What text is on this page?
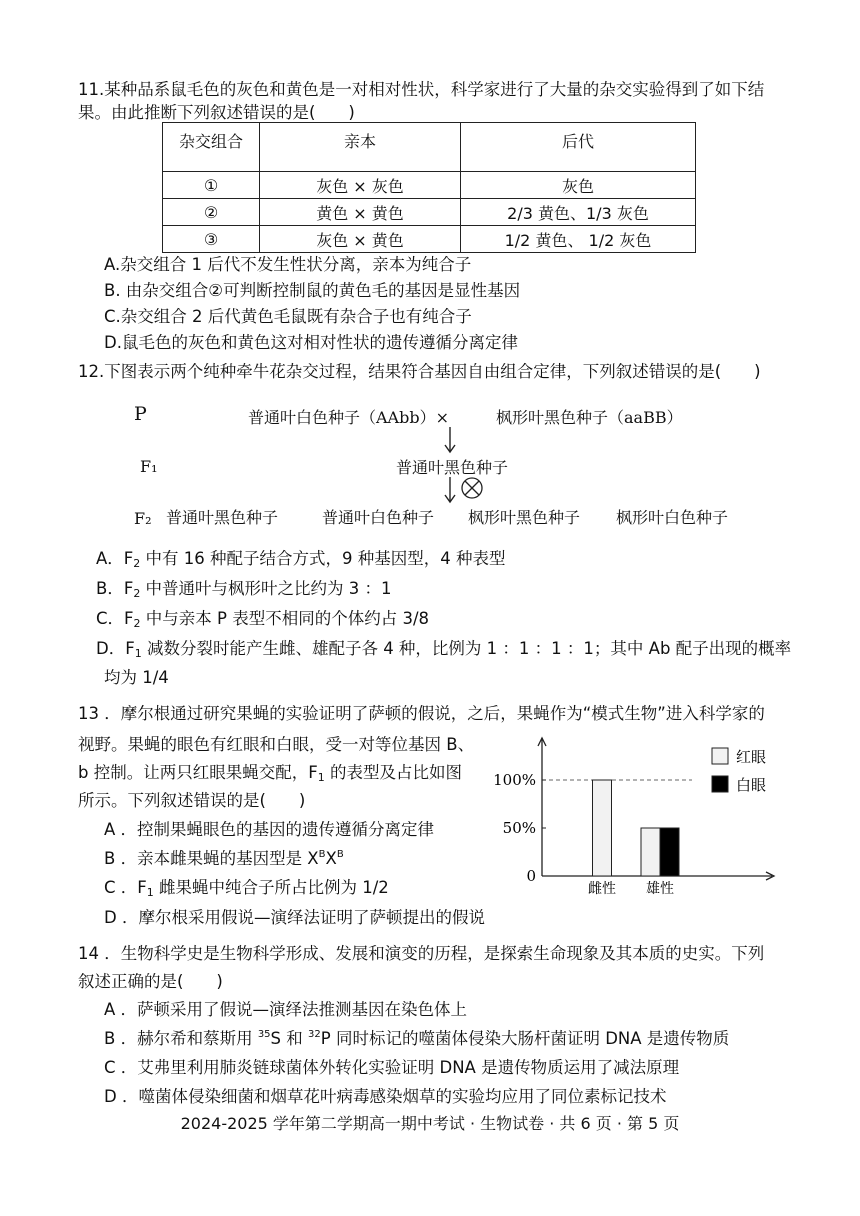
11.某种品系鼠毛色的灰色和黄色是一对相对性状，科学家进行了大量的杂交实验得到了如下结
果。由此推断下列叙述错误的是(　　)
杂交组合	亲本	后代
①	灰色 × 灰色	灰色
②	黄色 × 黄色	2/3 黄色、1/3 灰色
③	灰色 × 黄色	1/2 黄色、 1/2 灰色
A.杂交组合 1 后代不发生性状分离，亲本为纯合子
B. 由杂交组合②可判断控制鼠的黄色毛的基因是显性基因
C.杂交组合 2 后代黄色毛鼠既有杂合子也有纯合子
D.鼠毛色的灰色和黄色这对相对性状的遗传遵循分离定律
12.下图表示两个纯种牵牛花杂交过程，结果符合基因自由组合定律，下列叙述错误的是(　　)
P	普通叶白色种子（AAbb）×	枫形叶黑色种子（aaBB）
F₁	普通叶黑色种子
F₂ 普通叶黑色种子	普通叶白色种子 枫形叶黑色种子 枫形叶白色种子
A．$F_2$ 中有 16 种配子结合方式，9 种基因型，4 种表型
B．$F_2$ 中普通叶与枫形叶之比约为 3 ：1
C．$F_2$ 中与亲本 P 表型不相同的个体约占 3/8
D．$F_1$ 减数分裂时能产生雌、雄配子各 4 种，比例为 1 ：1 ：1 ：1；其中 Ab 配子出现的概率
均为 1/4
13 ．摩尔根通过研究果蝇的实验证明了萨顿的假说，之后，果蝇作为“模式生物”进入科学家的
视野。果蝇的眼色有红眼和白眼，受一对等位基因 B、
b 控制。让两只红眼果蝇交配，$F_1$ 的表型及占比如图
所示。下列叙述错误的是(　　)
A ．控制果蝇眼色的基因的遗传遵循分离定律
B ．亲本雌果蝇的基因型是 $X^BX^B$
C ．$F_1$ 雌果蝇中纯合子所占比例为 1/2
D ．摩尔根采用假说—演绎法证明了萨顿提出的假说
0
50%
100%
雌性 雄性
红眼
白眼
14 ．生物科学史是生物科学形成、发展和演变的历程，是探索生命现象及其本质的史实。下列
叙述正确的是(　　)
A ．萨顿采用了假说—演绎法推测基因在染色体上
B ．赫尔希和蔡斯用 $^{35}$S 和 $^{32}$P 同时标记的噬菌体侵染大肠杆菌证明 DNA 是遗传物质
C ．艾弗里利用肺炎链球菌体外转化实验证明 DNA 是遗传物质运用了减法原理
D ．噬菌体侵染细菌和烟草花叶病毒感染烟草的实验均应用了同位素标记技术
2024-2025 学年第二学期高一期中考试 · 生物试卷 · 共 6 页 · 第 5 页
